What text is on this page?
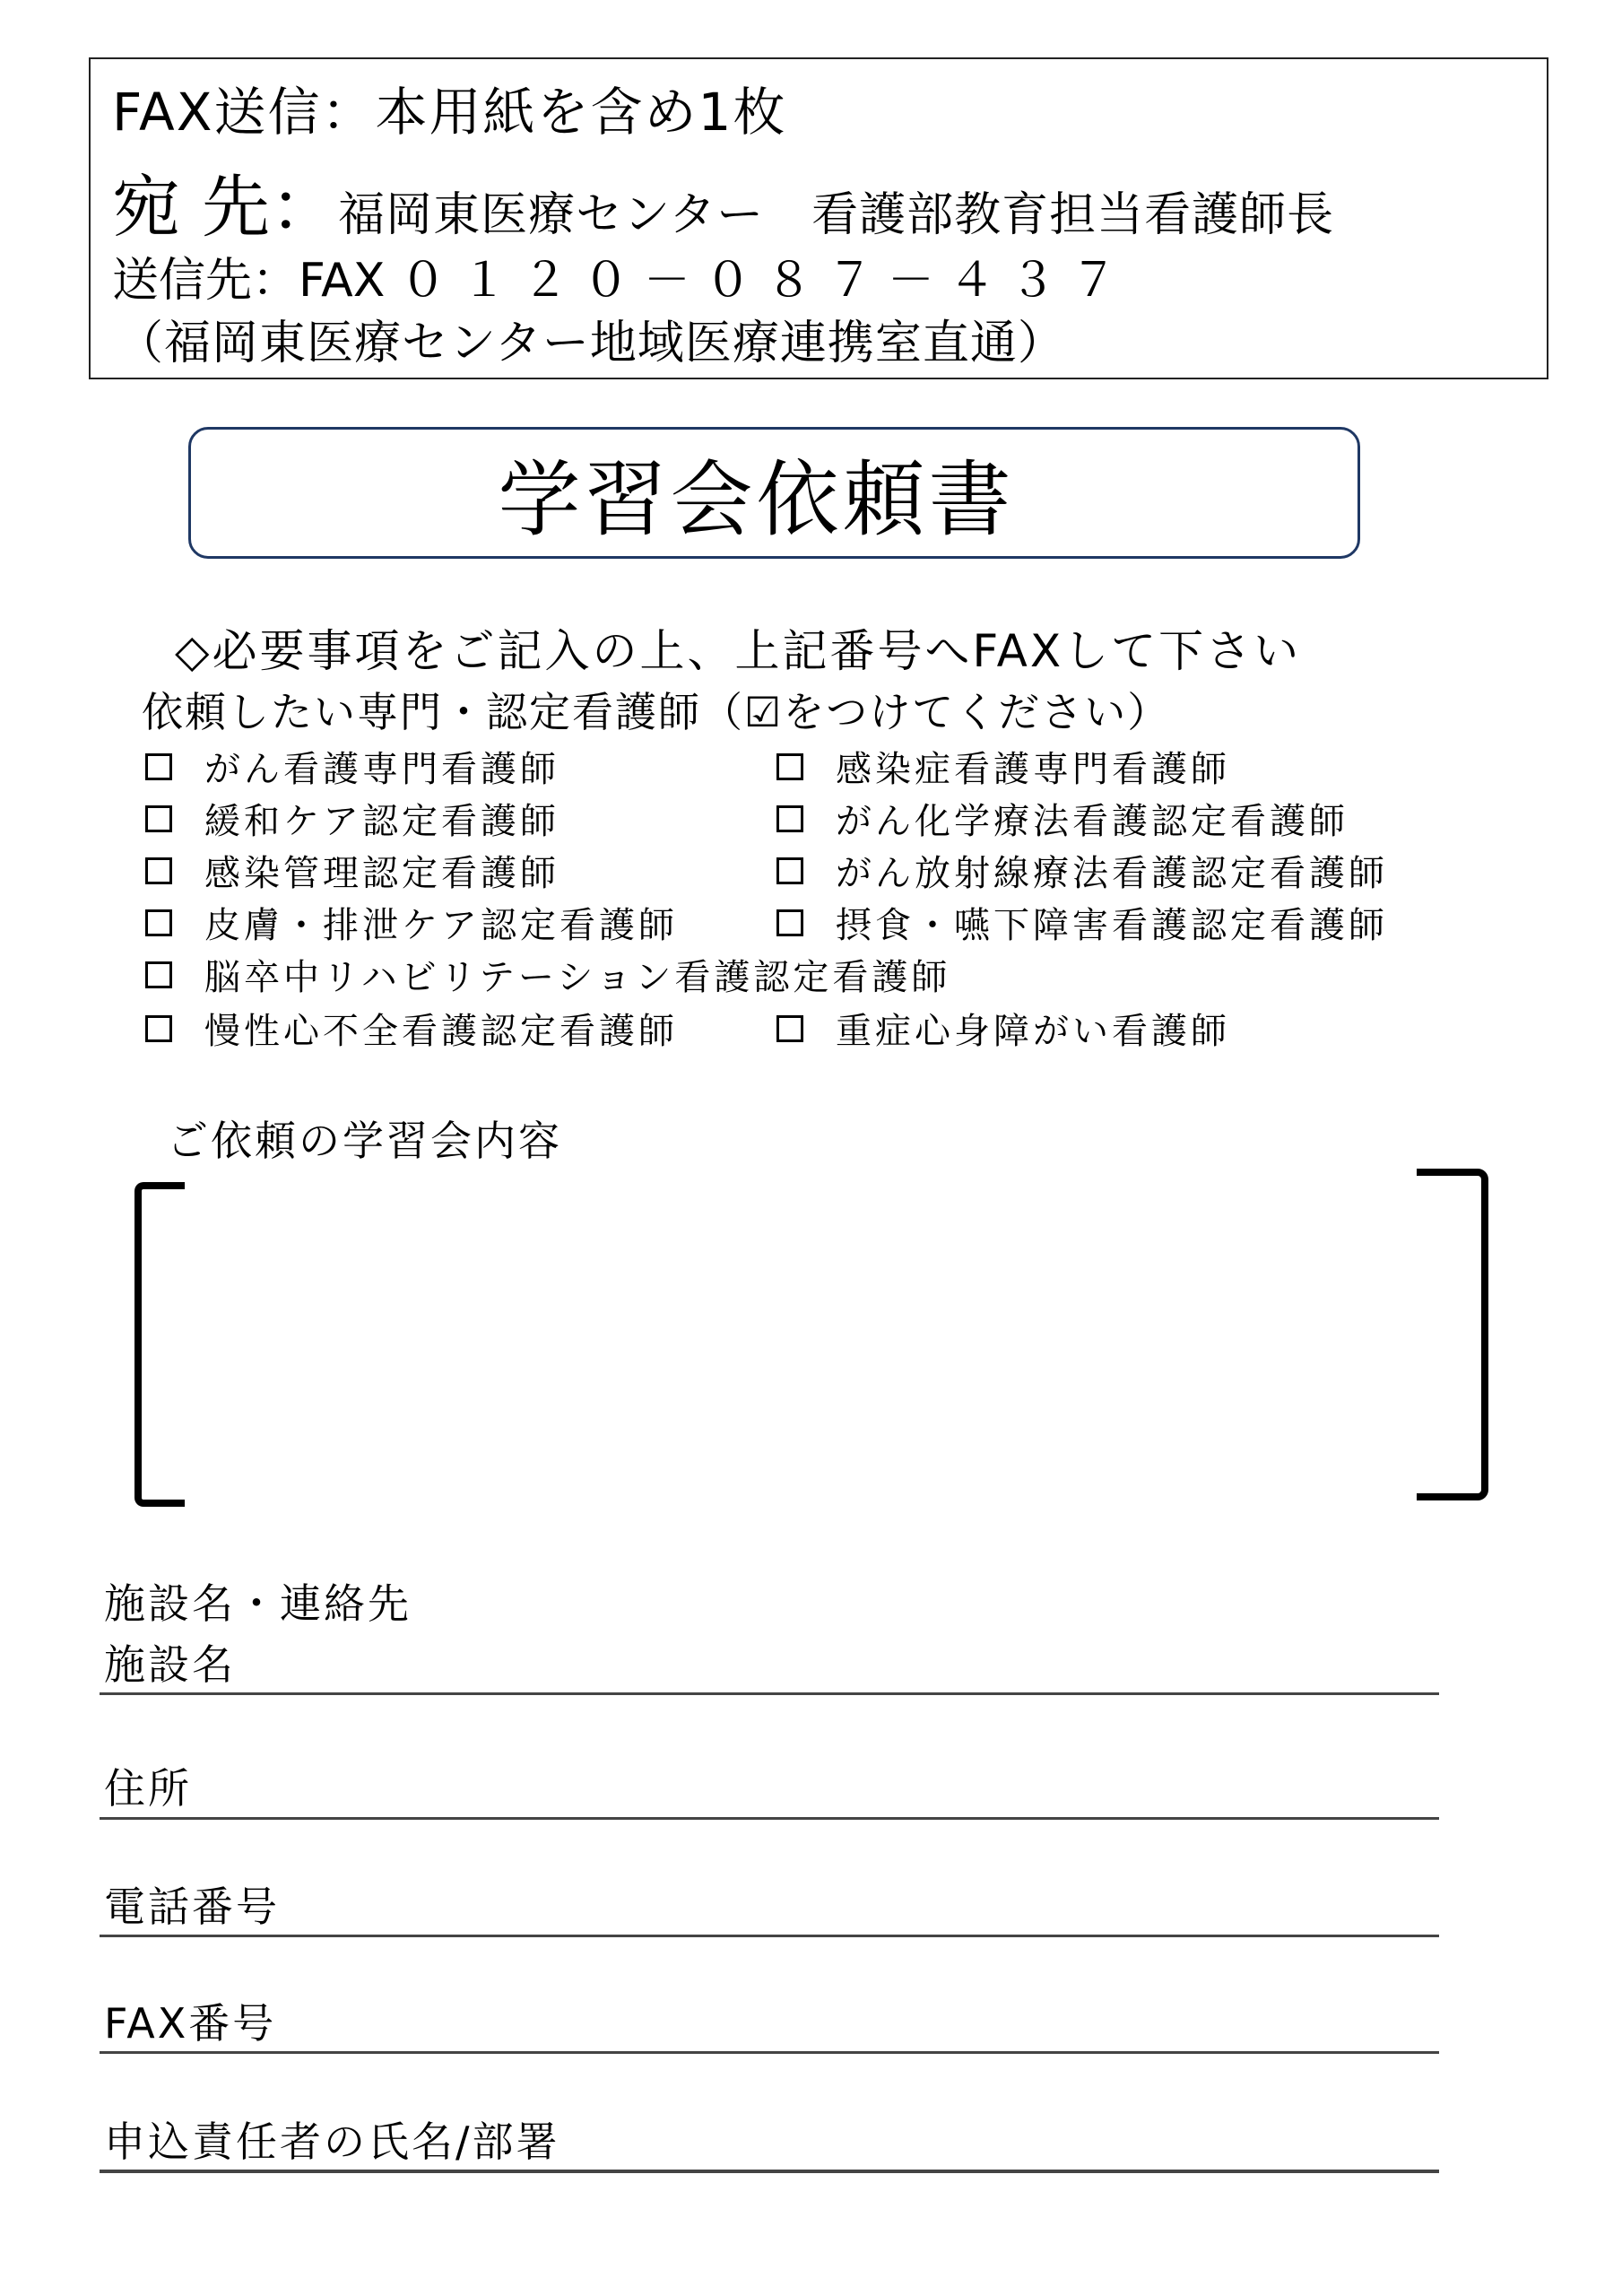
FAX送信：本用紙を含め1枚
宛 先：福岡東医療センター　看護部教育担当看護師長
送信先：FAX ０１２０－０８７－４３７
（福岡東医療センター地域医療連携室直通）
学習会依頼書
◇必要事項をご記入の上、上記番号へFAXして下さい
依頼したい専門・認定看護師（☑をつけてください）
がん看護専門看護師	感染症看護専門看護師
緩和ケア認定看護師	がん化学療法看護認定看護師
感染管理認定看護師	がん放射線療法看護認定看護師
皮膚・排泄ケア認定看護師	摂食・嚥下障害看護認定看護師
脳卒中リハビリテーション看護認定看護師
慢性心不全看護認定看護師	重症心身障がい看護師
ご依頼の学習会内容
施設名・連絡先
施設名
住所
電話番号
FAX番号
申込責任者の氏名/部署
